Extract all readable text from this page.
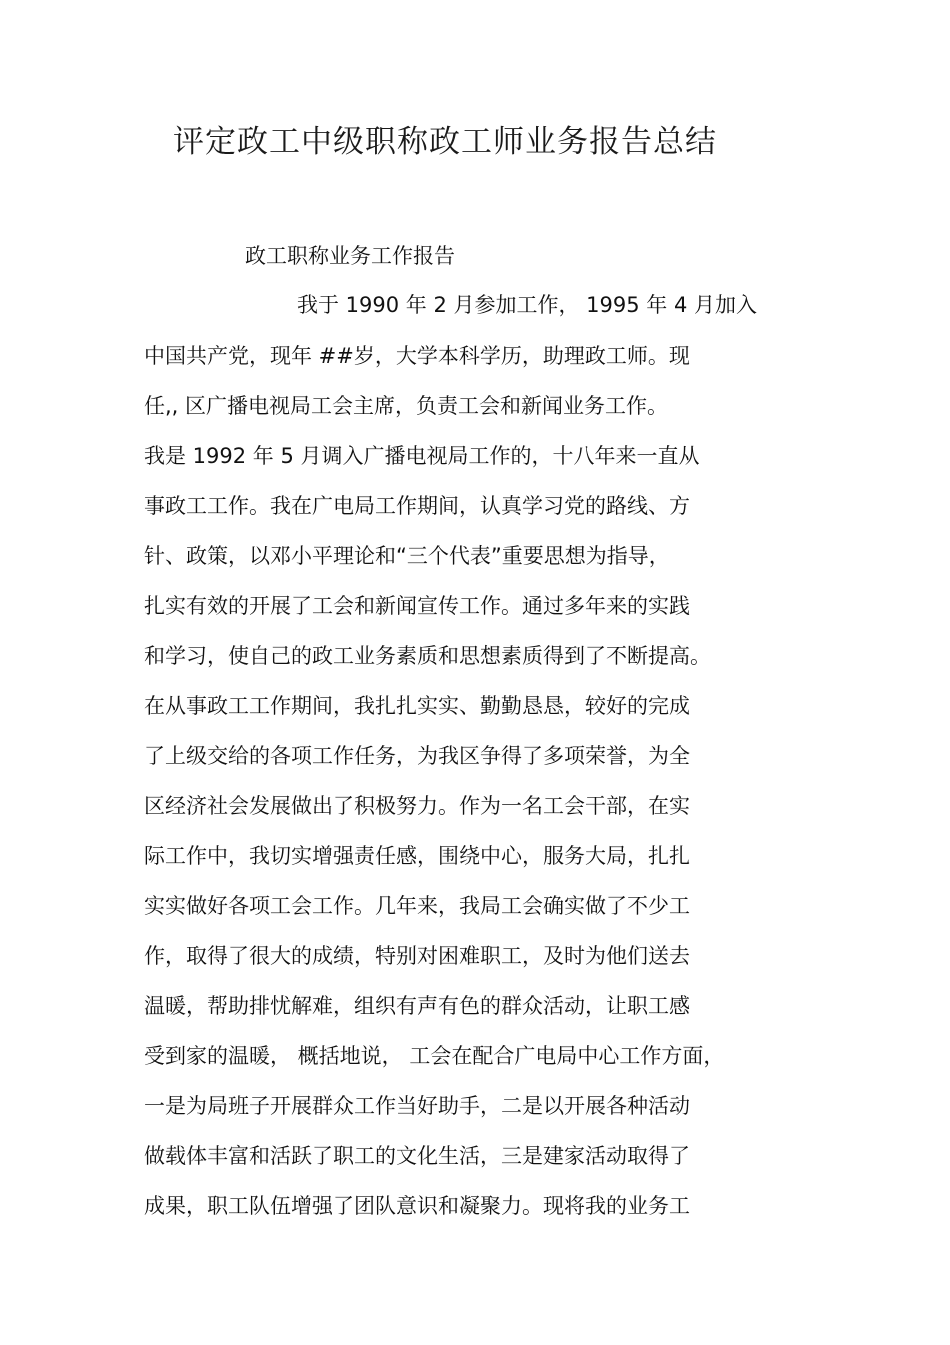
评定政工中级职称政工师业务报告总结
政工职称业务工作报告
我于 1990 年 2 月参加工作， 1995 年 4 月加入
中国共产党，现年 ##岁，大学本科学历，助理政工师。现
任,, 区广播电视局工会主席，负责工会和新闻业务工作。
我是 1992 年 5 月调入广播电视局工作的，十八年来一直从
事政工工作。我在广电局工作期间，认真学习党的路线、方
针、政策，以邓小平理论和“三个代表”重要思想为指导，
扎实有效的开展了工会和新闻宣传工作。通过多年来的实践
和学习，使自己的政工业务素质和思想素质得到了不断提高。
在从事政工工作期间，我扎扎实实、勤勤恳恳，较好的完成
了上级交给的各项工作任务，为我区争得了多项荣誉，为全
区经济社会发展做出了积极努力。作为一名工会干部，在实
际工作中，我切实增强责任感，围绕中心，服务大局，扎扎
实实做好各项工会工作。几年来，我局工会确实做了不少工
作，取得了很大的成绩，特别对困难职工，及时为他们送去
温暖，帮助排忧解难，组织有声有色的群众活动，让职工感
受到家的温暖， 概括地说， 工会在配合广电局中心工作方面，
一是为局班子开展群众工作当好助手，二是以开展各种活动
做载体丰富和活跃了职工的文化生活，三是建家活动取得了
成果，职工队伍增强了团队意识和凝聚力。现将我的业务工
